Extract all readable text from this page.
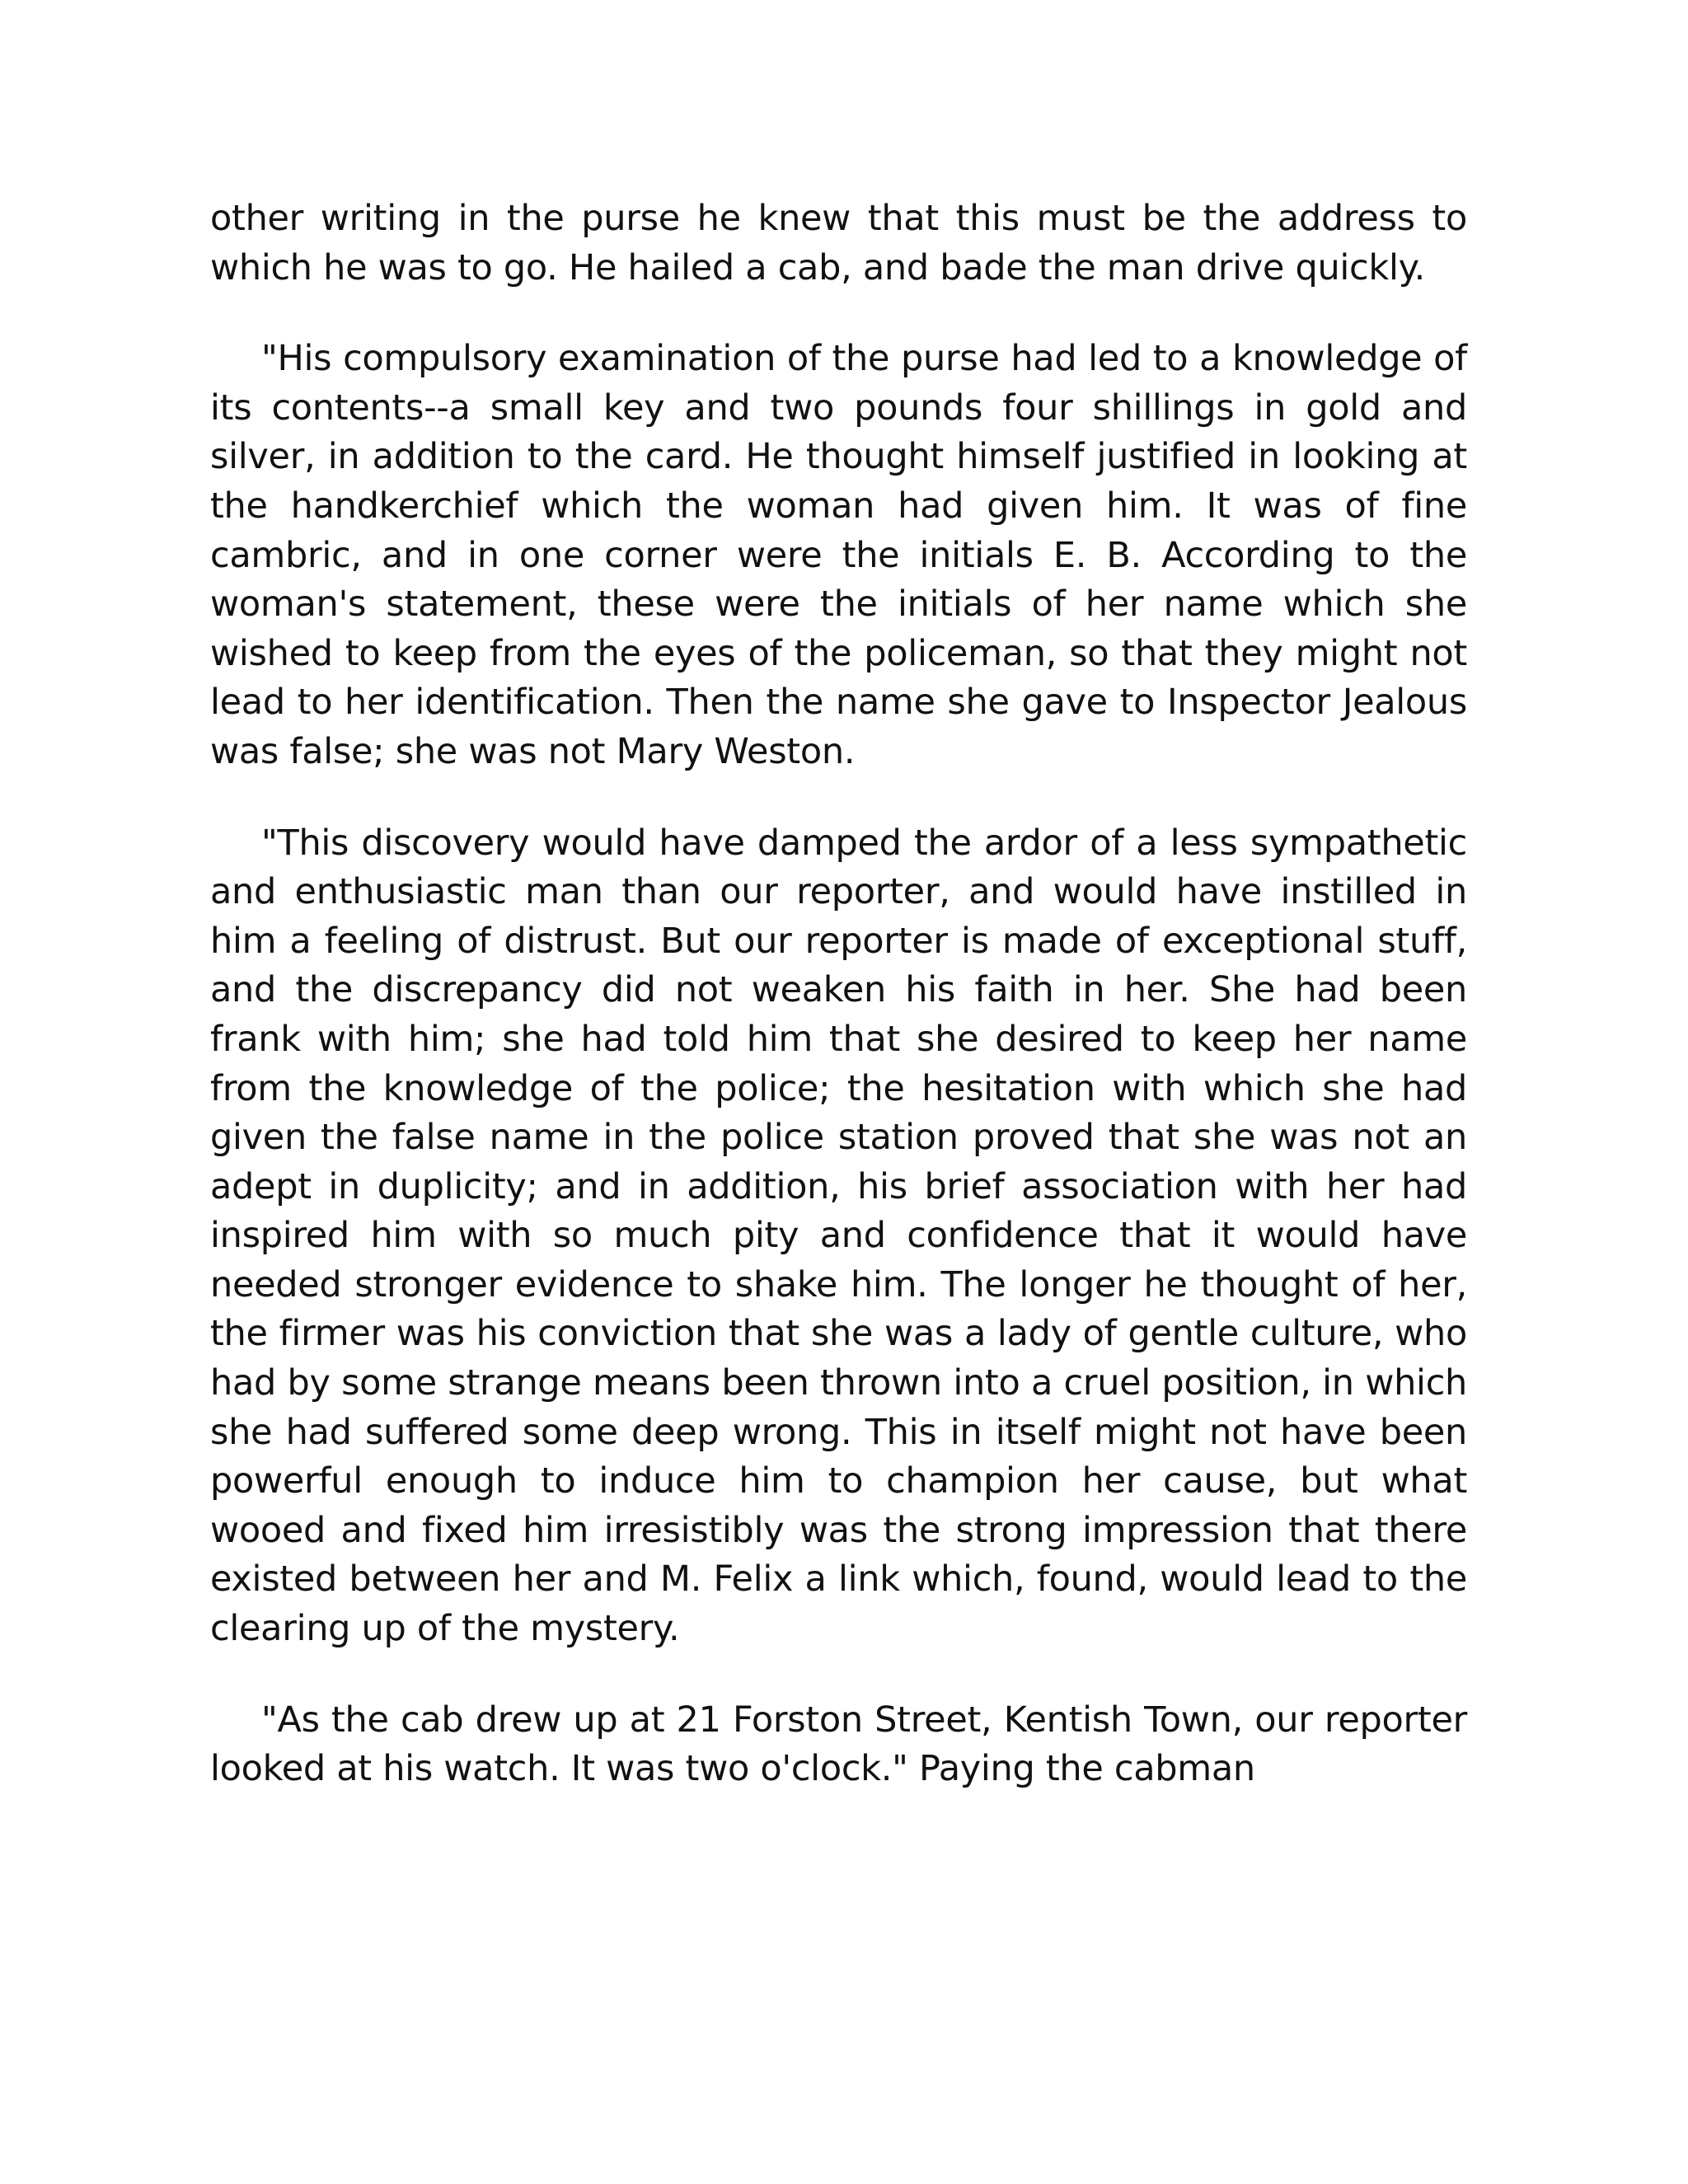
other writing in the purse he knew that this must be the address to which he was to go. He hailed a cab, and bade the man drive quickly.

"His compulsory examination of the purse had led to a knowledge of its contents--a small key and two pounds four shillings in gold and silver, in addition to the card. He thought himself justified in looking at the handkerchief which the woman had given him. It was of fine cambric, and in one corner were the initials E. B. According to the woman's statement, these were the initials of her name which she wished to keep from the eyes of the policeman, so that they might not lead to her identification. Then the name she gave to Inspector Jealous was false; she was not Mary Weston.

"This discovery would have damped the ardor of a less sympathetic and enthusiastic man than our reporter, and would have instilled in him a feeling of distrust. But our reporter is made of exceptional stuff, and the discrepancy did not weaken his faith in her. She had been frank with him; she had told him that she desired to keep her name from the knowledge of the police; the hesitation with which she had given the false name in the police station proved that she was not an adept in duplicity; and in addition, his brief association with her had inspired him with so much pity and confidence that it would have needed stronger evidence to shake him. The longer he thought of her, the firmer was his conviction that she was a lady of gentle culture, who had by some strange means been thrown into a cruel position, in which she had suffered some deep wrong. This in itself might not have been powerful enough to induce him to champion her cause, but what wooed and fixed him irresistibly was the strong impression that there existed between her and M. Felix a link which, found, would lead to the clearing up of the mystery.

"As the cab drew up at 21 Forston Street, Kentish Town, our reporter looked at his watch. It was two o'clock." Paying the cabman
